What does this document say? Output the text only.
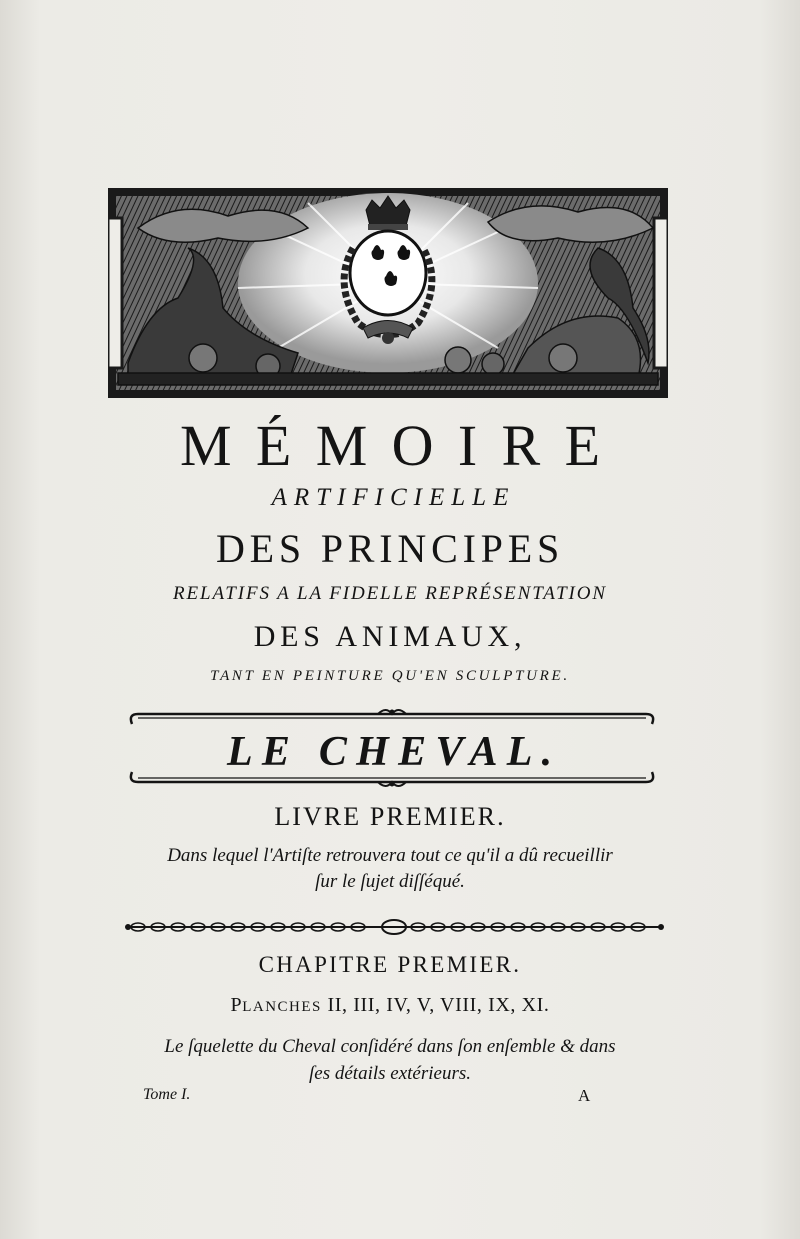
MÉMOIRE
ARTIFICIELLE
DES PRINCIPES
RELATIFS A LA FIDELLE REPRÉSENTATION
DES ANIMAUX,
TANT EN PEINTURE QU'EN SCULPTURE.
LE CHEVAL.
LIVRE PREMIER.
Dans lequel l'Artiſte retrouvera tout ce qu'il a dû recueillir
ſur le ſujet diſſéqué.
CHAPITRE PREMIER.
PLANCHES II, III, IV, V, VIII, IX, XI.
Le ſquelette du Cheval conſidéré dans ſon enſemble & dans
ſes détails extérieurs.
Tome I.	A
